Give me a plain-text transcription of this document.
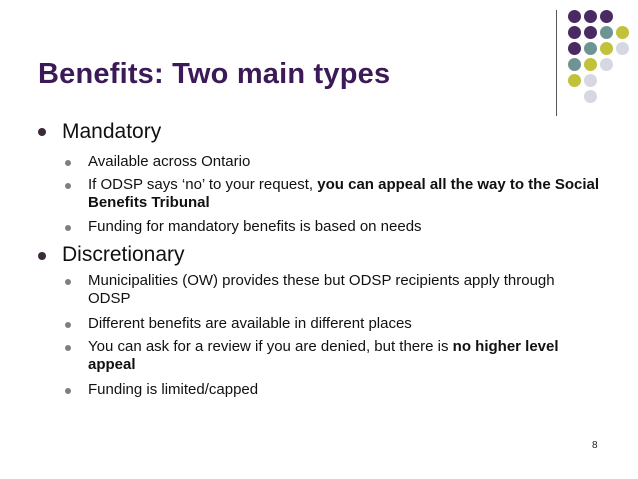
Benefits: Two main types
Mandatory
Available across Ontario
If ODSP says ‘no’ to your request, you can appeal all the way to the Social Benefits Tribunal
Funding for mandatory benefits is based on needs
Discretionary
Municipalities (OW) provides these but ODSP recipients apply through ODSP
Different benefits are available in different places
You can ask for a review if you are denied, but there is no higher level appeal
Funding is limited/capped
8
